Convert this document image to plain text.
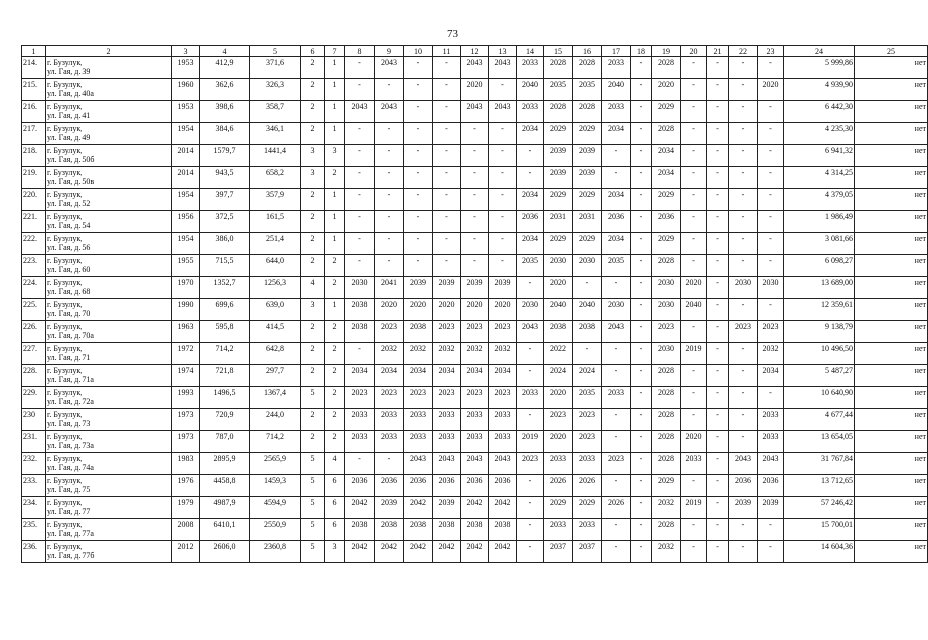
73
1	2	3	4	5	6	7	8	9	10	11	12	13	14	15	16	17	18	19	20	21	22	23	24	25
214.	г. Бузулук,
ул. Гая, д. 39	1953	412,9	371,6	2	1	-	2043	-	-	2043	2043	2033	2028	2028	2033	-	2028	-	-	-	-	5 999,86	нет
215.	г. Бузулук,
ул. Гая, д. 40а	1960	362,6	326,3	2	1	-	-	-	-	2020	-	2040	2035	2035	2040	-	2020	-	-	-	2020	4 939,90	нет
216.	г. Бузулук,
ул. Гая, д. 41	1953	398,6	358,7	2	1	2043	2043	-	-	2043	2043	2033	2028	2028	2033	-	2029	-	-	-	-	6 442,30	нет
217.	г. Бузулук,
ул. Гая, д. 49	1954	384,6	346,1	2	1	-	-	-	-	-	-	2034	2029	2029	2034	-	2028	-	-	-	-	4 235,30	нет
218.	г. Бузулук,
ул. Гая, д. 50б	2014	1579,7	1441,4	3	3	-	-	-	-	-	-	-	2039	2039	-	-	2034	-	-	-	-	6 941,32	нет
219.	г. Бузулук,
ул. Гая, д. 50в	2014	943,5	658,2	3	2	-	-	-	-	-	-	-	2039	2039	-	-	2034	-	-	-	-	4 314,25	нет
220.	г. Бузулук,
ул. Гая, д. 52	1954	397,7	357,9	2	1	-	-	-	-	-	-	2034	2029	2029	2034	-	2029	-	-	-	-	4 379,05	нет
221.	г. Бузулук,
ул. Гая, д. 54	1956	372,5	161,5	2	1	-	-	-	-	-	-	2036	2031	2031	2036	-	2036	-	-	-	-	1 986,49	нет
222.	г. Бузулук,
ул. Гая, д. 56	1954	386,0	251,4	2	1	-	-	-	-	-	-	2034	2029	2029	2034	-	2029	-	-	-	-	3 081,66	нет
223.	г. Бузулук,
ул. Гая, д. 60	1955	715,5	644,0	2	2	-	-	-	-	-	-	2035	2030	2030	2035	-	2028	-	-	-	-	6 098,27	нет
224.	г. Бузулук,
ул. Гая, д. 68	1970	1352,7	1256,3	4	2	2030	2041	2039	2039	2039	2039	-	2020	-	-	-	2030	2020	-	2030	2030	13 689,00	нет
225.	г. Бузулук,
ул. Гая, д. 70	1990	699,6	639,0	3	1	2038	2020	2020	2020	2020	2020	2030	2040	2040	2030	-	2030	2040	-	-	-	12 359,61	нет
226.	г. Бузулук,
ул. Гая, д. 70а	1963	595,8	414,5	2	2	2038	2023	2038	2023	2023	2023	2043	2038	2038	2043	-	2023	-	-	2023	2023	9 138,79	нет
227.	г. Бузулук,
ул. Гая, д. 71	1972	714,2	642,8	2	2	-	2032	2032	2032	2032	2032	-	2022	-	-	-	2030	2019	-	-	2032	10 496,50	нет
228.	г. Бузулук,
ул. Гая, д. 71а	1974	721,8	297,7	2	2	2034	2034	2034	2034	2034	2034	-	2024	2024	-	-	2028	-	-	-	2034	5 487,27	нет
229.	г. Бузулук,
ул. Гая, д. 72а	1993	1496,5	1367,4	5	2	2023	2023	2023	2023	2023	2023	2033	2020	2035	2033	-	2028	-	-	-	-	10 640,90	нет
230	г. Бузулук,
ул. Гая, д. 73	1973	720,9	244,0	2	2	2033	2033	2033	2033	2033	2033	-	2023	2023	-	-	2028	-	-	-	2033	4 677,44	нет
231.	г. Бузулук,
ул. Гая, д. 73а	1973	787,0	714,2	2	2	2033	2033	2033	2033	2033	2033	2019	2020	2023	-	-	2028	2020	-	-	2033	13 654,05	нет
232.	г. Бузулук,
ул. Гая, д. 74а	1983	2895,9	2565,9	5	4	-	-	2043	2043	2043	2043	2023	2033	2033	2023	-	2028	2033	-	2043	2043	31 767,84	нет
233.	г. Бузулук,
ул. Гая, д. 75	1976	4458,8	1459,3	5	6	2036	2036	2036	2036	2036	2036	-	2026	2026	-	-	2029	-	-	2036	2036	13 712,65	нет
234.	г. Бузулук,
ул. Гая, д. 77	1979	4987,9	4594,9	5	6	2042	2039	2042	2039	2042	2042	-	2029	2029	2026	-	2032	2019	-	2039	2039	57 246,42	нет
235.	г. Бузулук,
ул. Гая, д. 77а	2008	6410,1	2550,9	5	6	2038	2038	2038	2038	2038	2038	-	2033	2033	-	-	2028	-	-	-	-	15 700,01	нет
236.	г. Бузулук,
ул. Гая, д. 77б	2012	2606,0	2360,8	5	3	2042	2042	2042	2042	2042	2042	-	2037	2037	-	-	2032	-	-	-	-	14 604,36	нет
